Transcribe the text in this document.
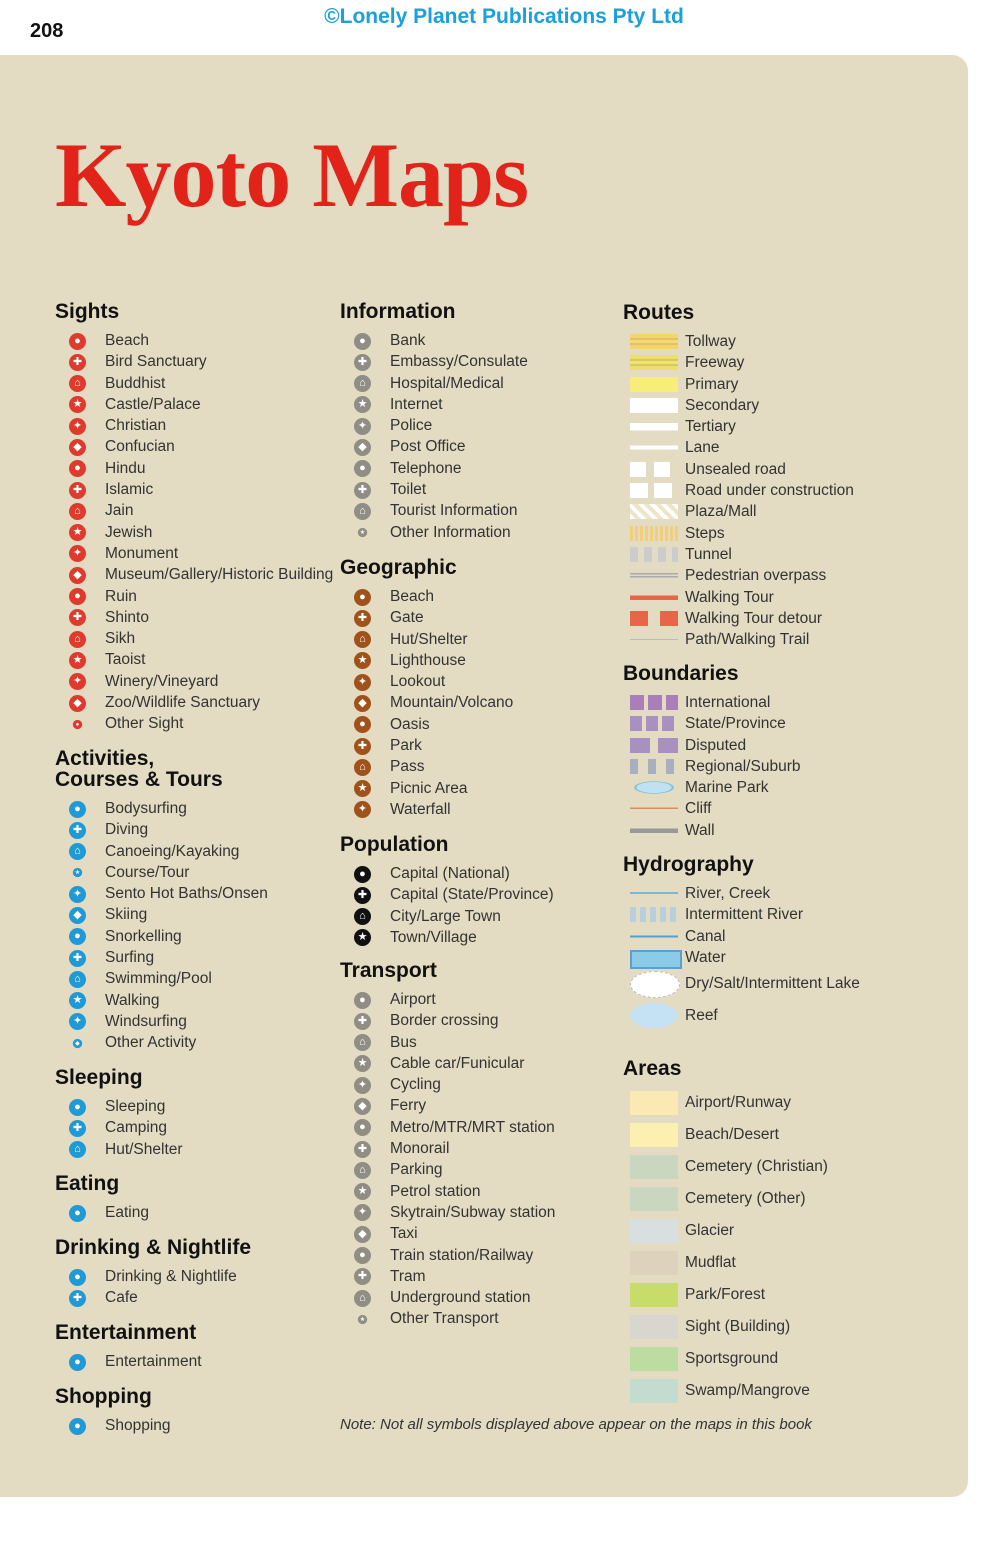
208
©Lonely Planet Publications Pty Ltd
Kyoto Maps
Sights
●	Beach
✚ Bird Sanctuary
⌂	Buddhist
★ Castle/Palace
✦ Christian
◆ Confucian
●	Hindu
✚ Islamic
⌂	Jain
★ Jewish
✦ Monument
◆ Museum/Gallery/Historic Building
●	Ruin
✚ Shinto
⌂	Sikh
★ Taoist
✦ Winery/Vineyard
◆ Zoo/Wildlife Sanctuary
● Other Sight
Activities,
Courses & Tours
●	Bodysurfing
✚ Diving
⌂	Canoeing/Kayaking
★ Course/Tour
✦ Sento Hot Baths/Onsen
◆ Skiing
●	Snorkelling
✚ Surfing
⌂	Swimming/Pool
★ Walking
✦ Windsurfing
◆ Other Activity
Sleeping
●	Sleeping
✚ Camping
⌂	Hut/Shelter
Eating
●	Eating
Drinking & Nightlife
●	Drinking & Nightlife
✚ Cafe
Entertainment
●	Entertainment
Shopping
●	Shopping
Information
●	Bank
✚ Embassy/Consulate
⌂	Hospital/Medical
★ Internet
✦ Police
◆ Post Office
●	Telephone
✚ Toilet
⌂	Tourist Information
★ Other Information
Geographic
●	Beach
✚ Gate
⌂	Hut/Shelter
★ Lighthouse
✦ Lookout
◆ Mountain/Volcano
●	Oasis
✚ Park
⌂	Pass
★ Picnic Area
✦ Waterfall
Population
●	Capital (National)
✚ Capital (State/Province)
⌂	City/Large Town
★ Town/Village
Transport
●	Airport
✚ Border crossing
⌂	Bus
★ Cable car/Funicular
✦ Cycling
◆ Ferry
●	Metro/MTR/MRT station
✚ Monorail
⌂	Parking
★ Petrol station
✦ Skytrain/Subway station
◆ Taxi
●	Train station/Railway
✚ Tram
⌂	Underground station
★ Other Transport
Routes
Tollway
Freeway
Primary
Secondary
Tertiary
Lane
Unsealed road
Road under construction
Plaza/Mall
Steps
Tunnel
Pedestrian overpass
Walking Tour
Walking Tour detour
Path/Walking Trail
Boundaries
International
State/Province
Disputed
Regional/Suburb
Marine Park
Cliff
Wall
Hydrography
River, Creek
Intermittent River
Canal
Water
Dry/Salt/Intermittent Lake
Reef
Areas
Airport/Runway
Beach/Desert
Cemetery (Christian)
Cemetery (Other)
Glacier
Mudflat
Park/Forest
Sight (Building)
Sportsground
Swamp/Mangrove
Note: Not all symbols displayed above appear on the maps in this book
